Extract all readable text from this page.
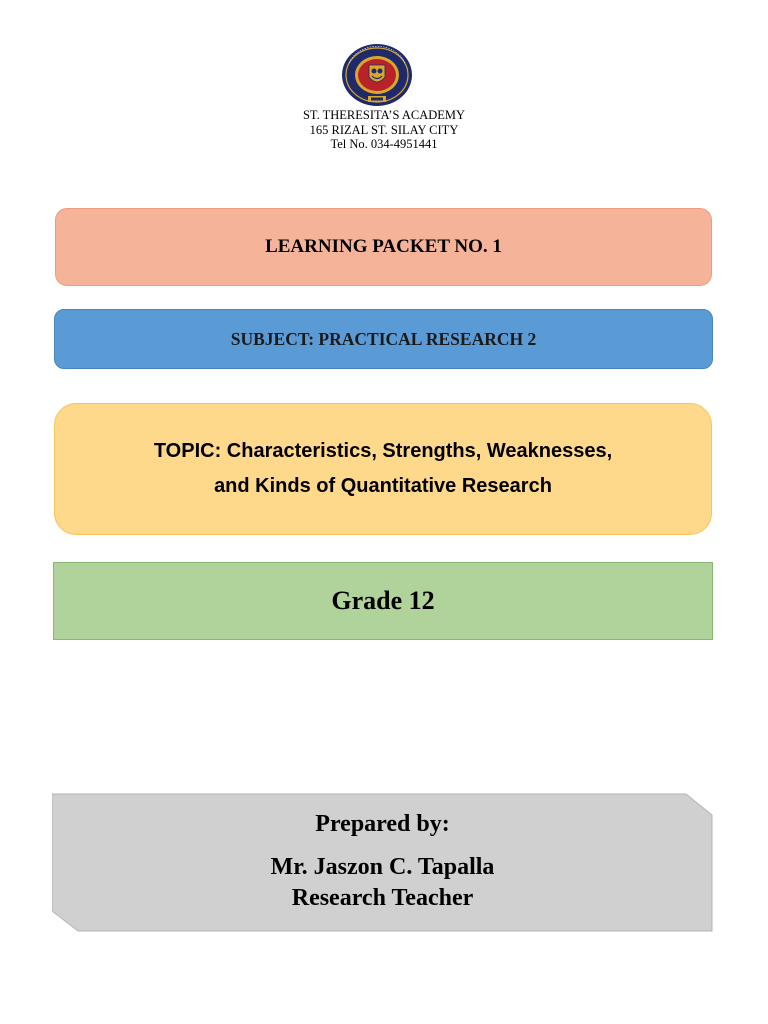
ST. THERESITA’S ACADEMY
165 RIZAL ST. SILAY CITY
Tel No. 034-4951441
LEARNING PACKET NO. 1
SUBJECT: PRACTICAL RESEARCH 2
TOPIC: Characteristics, Strengths, Weaknesses, and Kinds of Quantitative Research
Grade 12
Prepared by:
Mr. Jaszon C. Tapalla
Research Teacher
